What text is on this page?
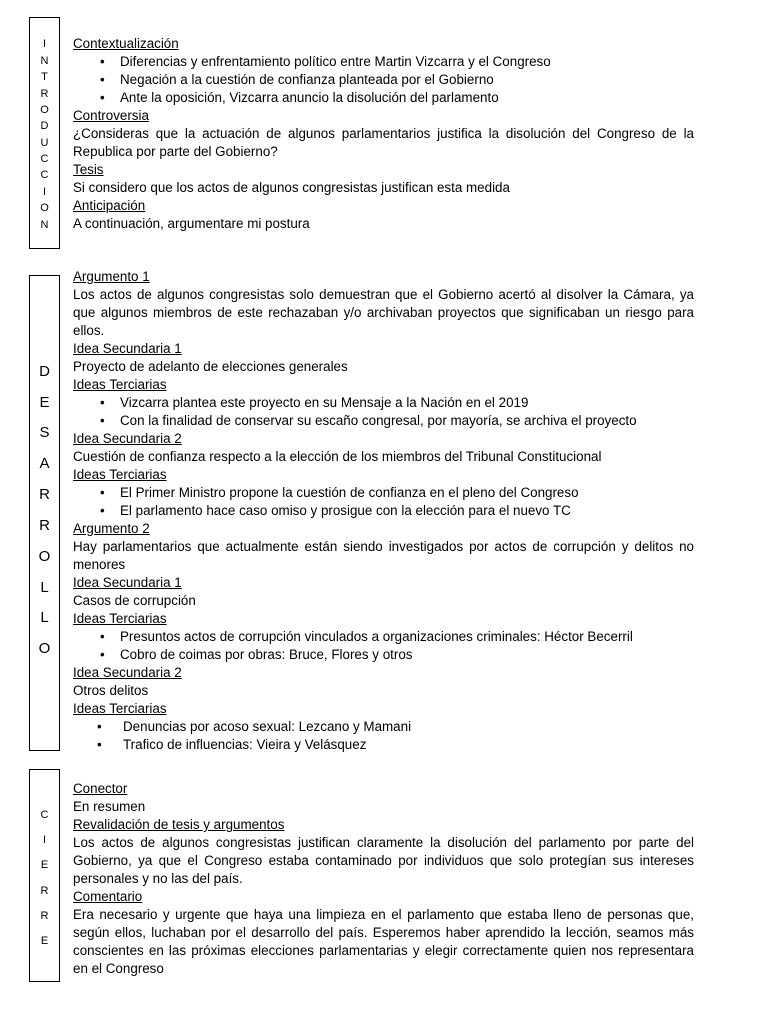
I
N
T
R
O
D
U
C
C
I
O
N

Contextualización

• Diferencias y enfrentamiento político entre Martin Vizcarra y el Congreso
• Negación a la cuestión de confianza planteada por el Gobierno
• Ante la oposición, Vizcarra anuncio la disolución del parlamento

Controversia

¿Consideras que la actuación de algunos parlamentarios justifica la disolución del Congreso de la Republica por parte del Gobierno?

Tesis

Si considero que los actos de algunos congresistas justifican esta medida

Anticipación

A continuación, argumentare mi postura

D
E
S
A
R
R
O
L
L
O

Argumento 1

Los actos de algunos congresistas solo demuestran que el Gobierno acertó al disolver la Cámara, ya que algunos miembros de este rechazaban y/o archivaban proyectos que significaban un riesgo para ellos.

Idea Secundaria 1

Proyecto de adelanto de elecciones generales

Ideas Terciarias

• Vizcarra plantea este proyecto en su Mensaje a la Nación en el 2019
• Con la finalidad de conservar su escaño congresal, por mayoría, se archiva el proyecto

Idea Secundaria 2

Cuestión de confianza respecto a la elección de los miembros del Tribunal Constitucional

Ideas Terciarias

• El Primer Ministro propone la cuestión de confianza en el pleno del Congreso
• El parlamento hace caso omiso y prosigue con la elección para el nuevo TC

Argumento 2

Hay parlamentarios que actualmente están siendo investigados por actos de corrupción y delitos no menores

Idea Secundaria 1

Casos de corrupción

Ideas Terciarias

• Presuntos actos de corrupción vinculados a organizaciones criminales: Héctor Becerril
• Cobro de coimas por obras: Bruce, Flores y otros

Idea Secundaria 2

Otros delitos

Ideas Terciarias

• Denuncias por acoso sexual: Lezcano y Mamani
• Trafico de influencias: Vieira y Velásquez
C
I
E
R
R
E

Conector

En resumen

Revalidación de tesis y argumentos

Los actos de algunos congresistas justifican claramente la disolución del parlamento por parte del Gobierno, ya que el Congreso estaba contaminado por individuos que solo protegían sus intereses personales y no las del país.

Comentario

Era necesario y urgente que haya una limpieza en el parlamento que estaba lleno de personas que, según ellos, luchaban por el desarrollo del país. Esperemos haber aprendido la lección, seamos más conscientes en las próximas elecciones parlamentarias y elegir correctamente quien nos representara en el Congreso
